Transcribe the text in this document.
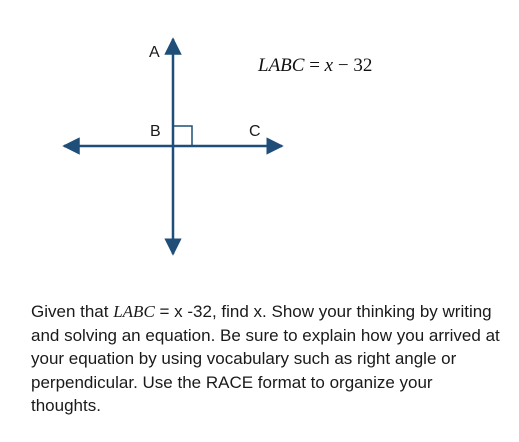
A
B	C
LABC = x − 32
Given that LABC = x -32, find x. Show your thinking by writing and solving an equation. Be sure to explain how you arrived at your equation by using vocabulary such as right angle or perpendicular. Use the RACE format to organize your thoughts.
